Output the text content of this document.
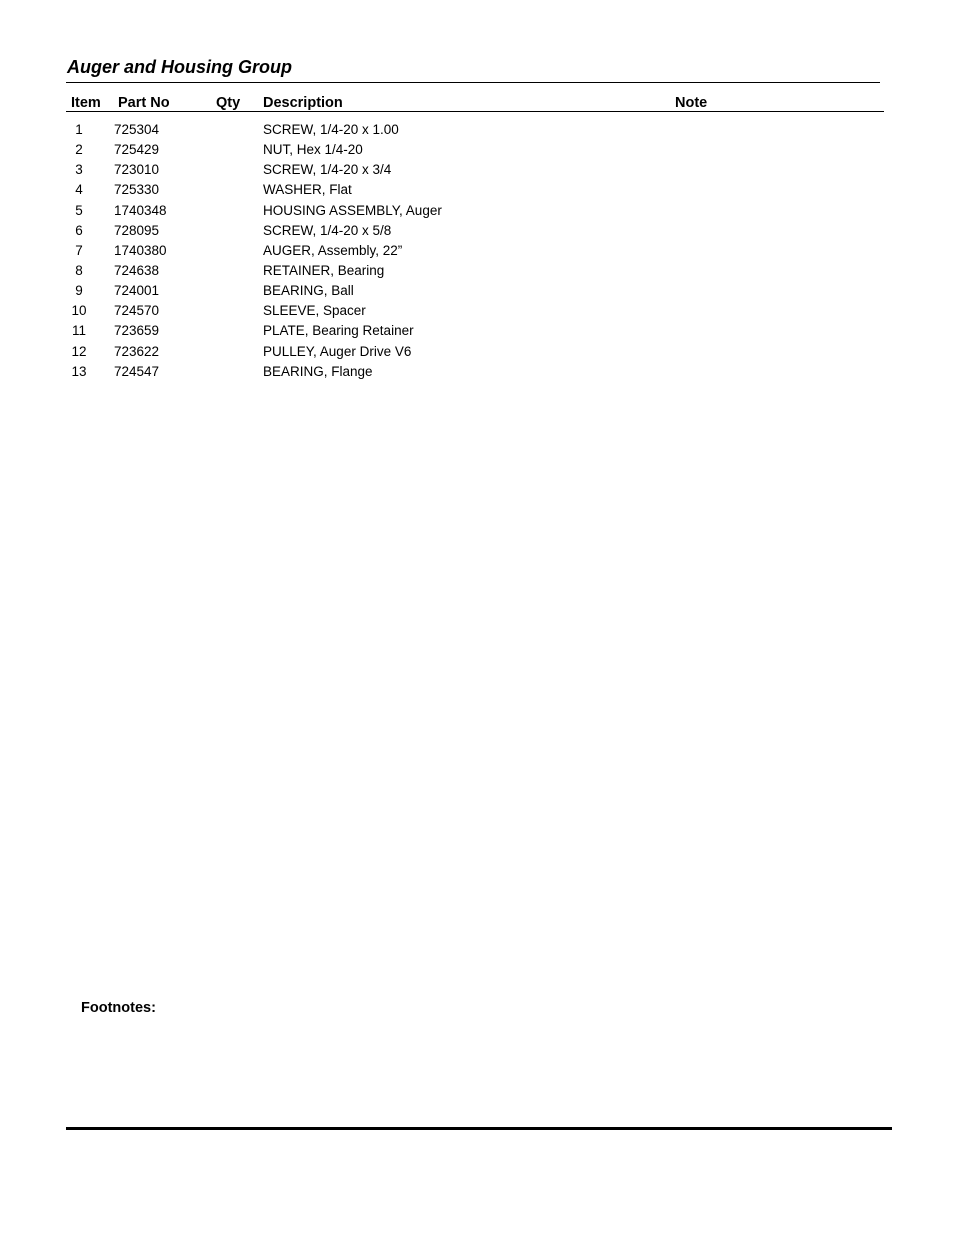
Auger and Housing Group
Item Part No	Qty Description	Note
1	725304	SCREW, 1/4-20 x 1.00
2	725429	NUT, Hex 1/4-20
3	723010	SCREW, 1/4-20 x 3/4
4	725330	WASHER, Flat
5	1740348	HOUSING ASSEMBLY, Auger
6	728095	SCREW, 1/4-20 x 5/8
7	1740380	AUGER, Assembly, 22”
8	724638	RETAINER, Bearing
9	724001	BEARING, Ball
10	724570	SLEEVE, Spacer
11	723659	PLATE, Bearing Retainer
12	723622	PULLEY, Auger Drive V6
13	724547	BEARING, Flange
Footnotes:
